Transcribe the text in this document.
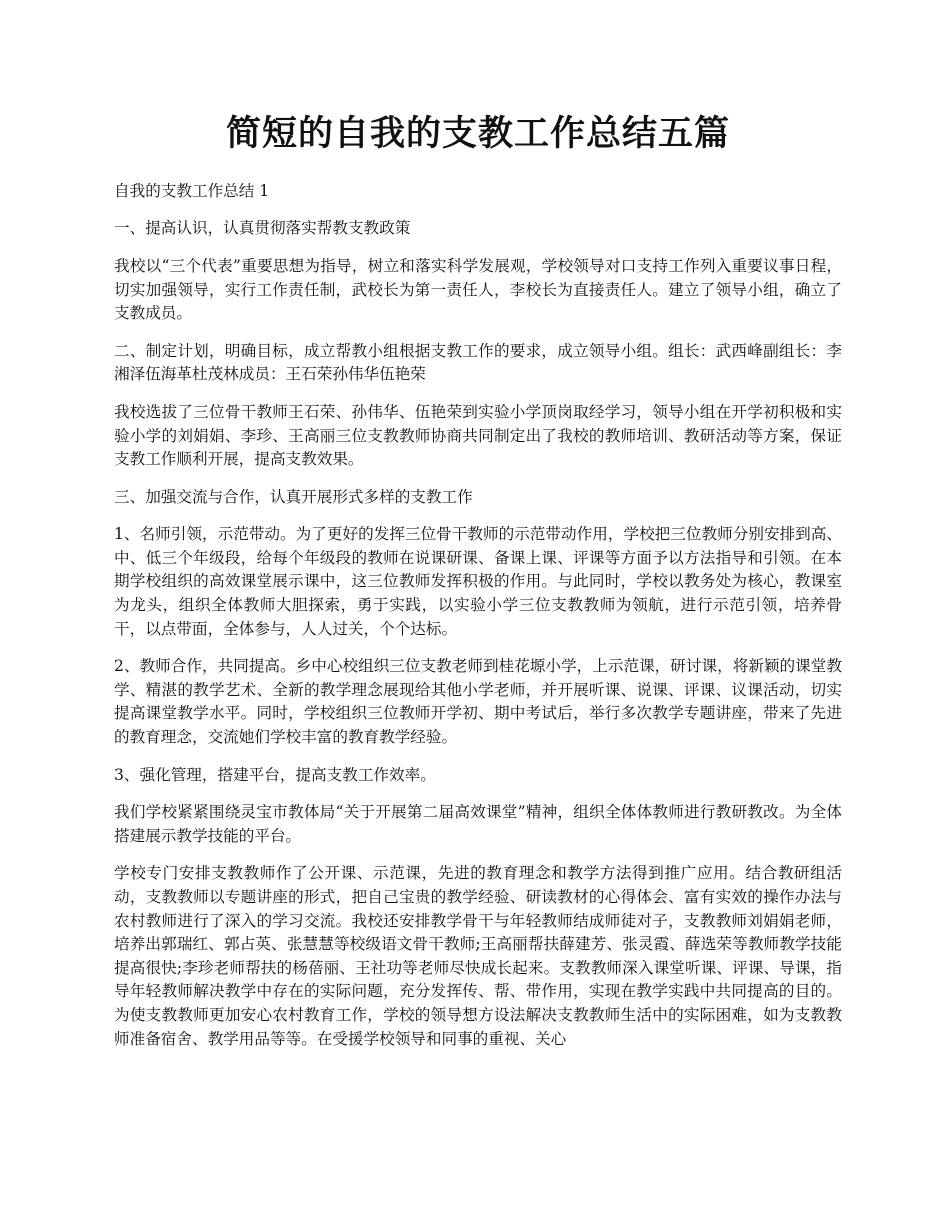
简短的自我的支教工作总结五篇

自我的支教工作总结 1

一、提高认识，认真贯彻落实帮教支教政策

我校以“三个代表”重要思想为指导，树立和落实科学发展观，学校领导对口支持工作列入重要议事日程，切实加强领导，实行工作责任制，武校长为第一责任人，李校长为直接责任人。建立了领导小组，确立了支教成员。

二、制定计划，明确目标，成立帮教小组根据支教工作的要求，成立领导小组。组长：武西峰副组长：李湘泽伍海革杜茂林成员：王石荣孙伟华伍艳荣

我校选拔了三位骨干教师王石荣、孙伟华、伍艳荣到实验小学顶岗取经学习，领导小组在开学初积极和实验小学的刘娟娟、李珍、王高丽三位支教教师协商共同制定出了我校的教师培训、教研活动等方案，保证支教工作顺利开展，提高支教效果。

三、加强交流与合作，认真开展形式多样的支教工作

1、名师引领，示范带动。为了更好的发挥三位骨干教师的示范带动作用，学校把三位教师分别安排到高、中、低三个年级段，给每个年级段的教师在说课研课、备课上课、评课等方面予以方法指导和引领。在本期学校组织的高效课堂展示课中，这三位教师发挥积极的作用。与此同时，学校以教务处为核心，教课室为龙头，组织全体教师大胆探索，勇于实践，以实验小学三位支教教师为领航，进行示范引领，培养骨干，以点带面，全体参与，人人过关，个个达标。

2、教师合作，共同提高。乡中心校组织三位支教老师到桂花塬小学，上示范课，研讨课，将新颖的课堂教学、精湛的教学艺术、全新的教学理念展现给其他小学老师，并开展听课、说课、评课、议课活动，切实提高课堂教学水平。同时，学校组织三位教师开学初、期中考试后，举行多次教学专题讲座，带来了先进的教育理念，交流她们学校丰富的教育教学经验。

3、强化管理，搭建平台，提高支教工作效率。

我们学校紧紧围绕灵宝市教体局“关于开展第二届高效课堂”精神，组织全体体教师进行教研教改。为全体搭建展示教学技能的平台。

学校专门安排支教教师作了公开课、示范课，先进的教育理念和教学方法得到推广应用。结合教研组活动，支教教师以专题讲座的形式，把自己宝贵的教学经验、研读教材的心得体会、富有实效的操作办法与农村教师进行了深入的学习交流。我校还安排教学骨干与年轻教师结成师徒对子，支教教师刘娟娟老师，培养出郭瑞红、郭占英、张慧慧等校级语文骨干教师;王高丽帮扶薛建芳、张灵霞、薛选荣等教师教学技能提高很快;李珍老师帮扶的杨蓓丽、王社功等老师尽快成长起来。支教教师深入课堂听课、评课、导课，指导年轻教师解决教学中存在的实际问题，充分发挥传、帮、带作用，实现在教学实践中共同提高的目的。为使支教教师更加安心农村教育工作，学校的领导想方设法解决支教教师生活中的实际困难，如为支教教师准备宿舍、教学用品等等。在受援学校领导和同事的重视、关心
